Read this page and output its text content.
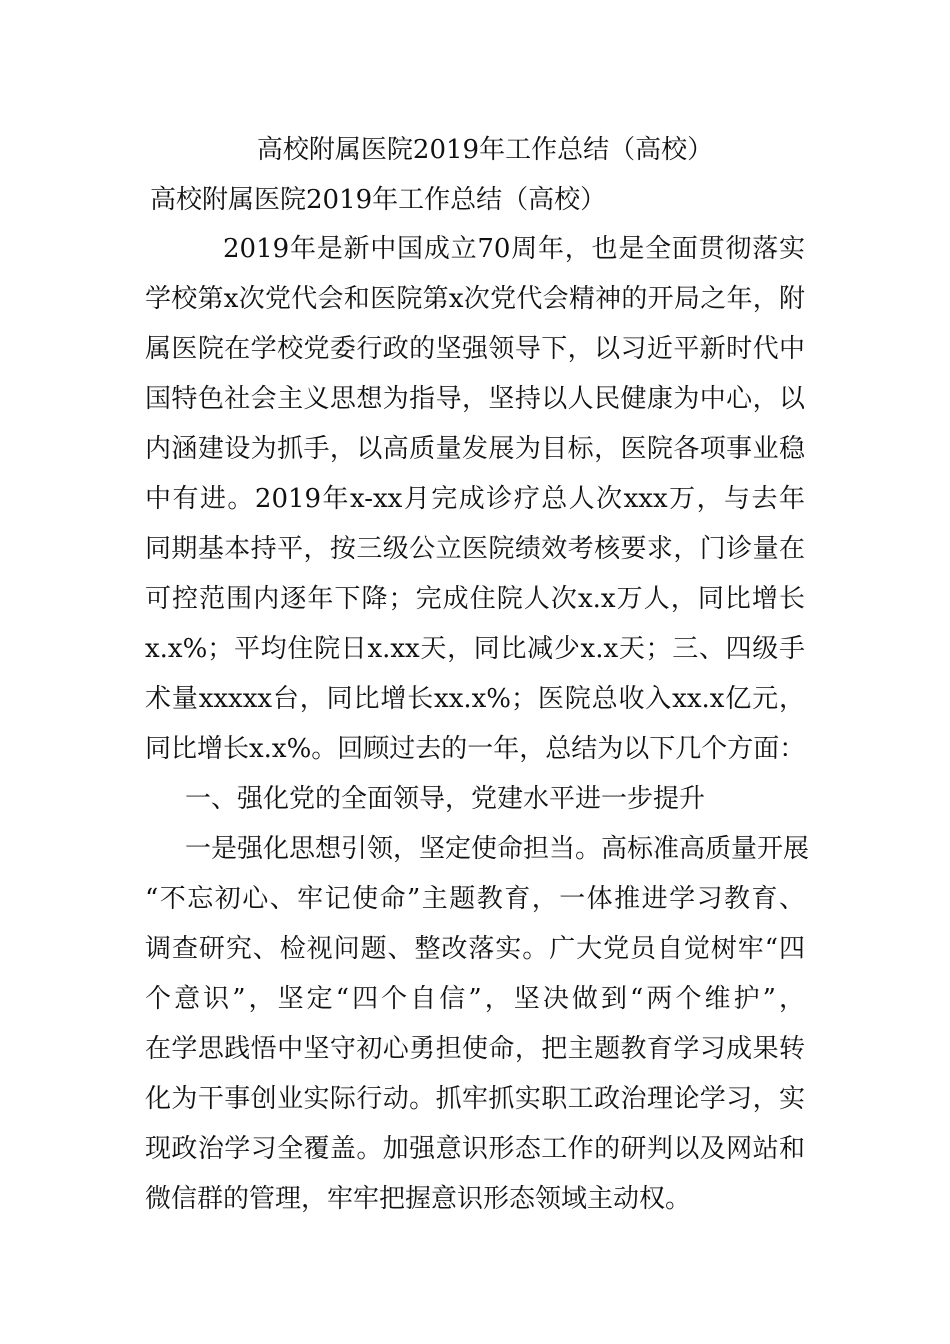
高校附属医院2019年工作总结（高校）
高校附属医院2019年工作总结（高校）
2019年是新中国成立70周年，也是全面贯彻落实
学校第x次党代会和医院第x次党代会精神的开局之年，附
属医院在学校党委行政的坚强领导下，以习近平新时代中
国特色社会主义思想为指导，坚持以人民健康为中心，以
内涵建设为抓手，以高质量发展为目标，医院各项事业稳
中有进。2019年x-xx月完成诊疗总人次xxx万，与去年
同期基本持平，按三级公立医院绩效考核要求，门诊量在
可控范围内逐年下降；完成住院人次x.x万人，同比增长
x.x%；平均住院日x.xx天，同比减少x.x天；三、四级手
术量xxxxx台，同比增长xx.x%；医院总收入xx.x亿元，
同比增长x.x%。回顾过去的一年，总结为以下几个方面：
一、强化党的全面领导，党建水平进一步提升
一是强化思想引领，坚定使命担当。高标准高质量开展
“不忘初心、牢记使命”主题教育，一体推进学习教育、
调查研究、检视问题、整改落实。广大党员自觉树牢“四
个意识”，坚定“四个自信”，坚决做到“两个维护”，
在学思践悟中坚守初心勇担使命，把主题教育学习成果转
化为干事创业实际行动。抓牢抓实职工政治理论学习，实
现政治学习全覆盖。加强意识形态工作的研判以及网站和
微信群的管理，牢牢把握意识形态领域主动权。
